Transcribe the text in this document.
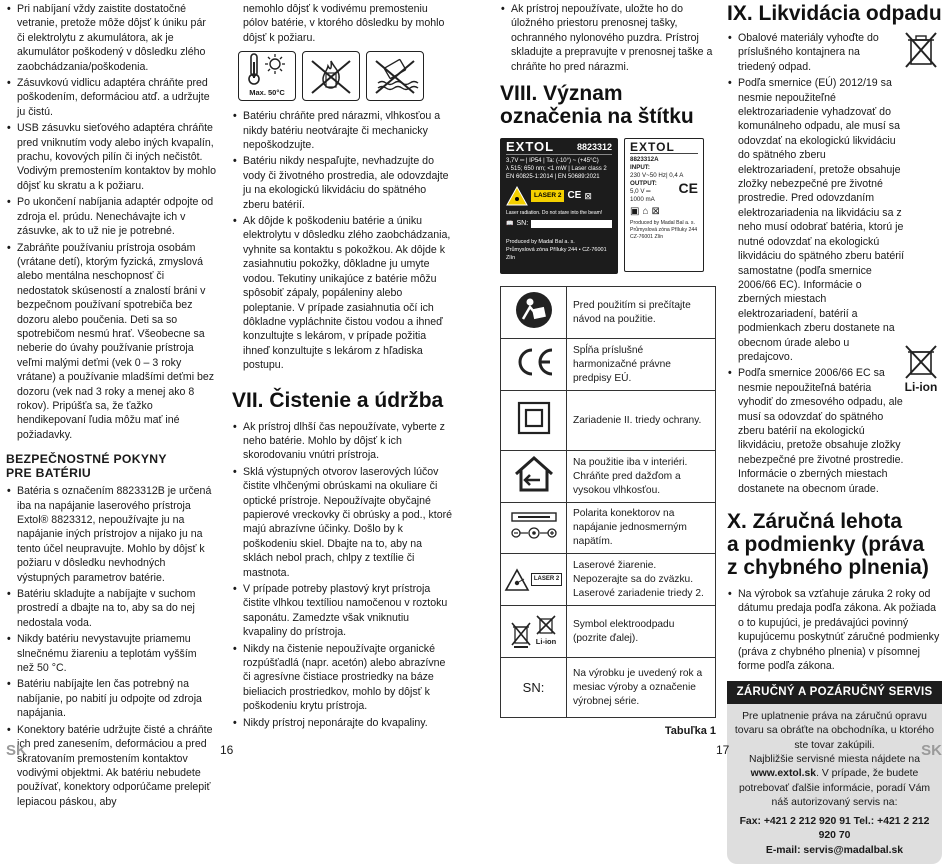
• Pri nabíjaní vždy zaistite dostatočné vetranie, pretože môže dôjsť k úniku pár či elektrolytu z akumulátora, ak je akumulátor poškodený v dôsledku zlého zaobchádzania/poškodenia.
• Zásuvkovú vidlicu adaptéra chráňte pred poškodením, deformáciou atď. a udržujte ju čistú.
• USB zásuvku sieťového adaptéra chráňte pred vniknutím vody alebo iných kvapalín, prachu, kovových pilín či iných nečistôt. Vodivým premostením kontaktov by mohlo dôjsť ku skratu a k požiaru.
• Po ukončení nabíjania adaptér odpojte od zdroja el. prúdu. Nenechávajte ich v zásuvke, ak to už nie je potrebné.
• Zabráňte používaniu prístroja osobám (vrátane detí), ktorým fyzická, zmyslová alebo mentálna neschopnosť či nedostatok skúseností a znalostí bráni v bezpečnom používaní spotrebiča bez dozoru alebo poučenia. Deti sa so spotrebičom nesmú hrať. Všeobecne sa neberie do úvahy používanie prístroja veľmi malými deťmi (vek 0 – 3 roky vrátane) a používanie mladšími deťmi bez dozoru (vek nad 3 roky a menej ako 8 rokov). Pripúšťa sa, že ťažko hendikepovaní ľudia môžu mať iné požiadavky.
BEZPEČNOSTNÉ POKYNY
PRE BATÉRIU
• Batéria s označením 8823312B je určená iba na napájanie laserového prístroja Extol® 8823312, nepoužívajte ju na napájanie iných prístrojov a nijako ju na tento účel neupravujte. Mohlo by dôjsť k požiaru v dôsledku nevhodných výstupných parametrov batérie.
• Batériu skladujte a nabíjajte v suchom prostredí a dbajte na to, aby sa do nej nedostala voda.
• Nikdy batériu nevystavujte priamemu slnečnému žiareniu a teplotám vyšším než 50 °C.
• Batériu nabíjajte len čas potrebný na nabíjanie, po nabití ju odpojte od zdroja napájania.
• Konektory batérie udržujte čisté a chráňte ich pred zanesením, deformáciou a pred skratovaním premostením kontaktov vodivými objektmi. Ak batériu nebudete používať, konektory odporúčame prelepiť lepiacou páskou, aby

nemohlo dôjsť k vodivému premosteniu pólov batérie, v ktorého dôsledku by mohlo dôjsť k požiaru.

Max. 50°C
• Batériu chráňte pred nárazmi, vlhkosťou a nikdy batériu neotvárajte či mechanicky nepoškodzujte.
• Batériu nikdy nespaľujte, nevhadzujte do vody či životného prostredia, ale odovzdajte ju na ekologickú likvidáciu do spätného zberu batérií.
• Ak dôjde k poškodeniu batérie a úniku elektrolytu v dôsledku zlého zaobchádzania, vyhnite sa kontaktu s pokožkou. Ak dôjde k zasiahnutiu pokožky, dôkladne ju umyte vodou. Tekutiny unikajúce z batérie môžu spôsobiť zápaly, popáleniny alebo poleptanie. V prípade zasiahnutia očí ich dôkladne vypláchnite čistou vodou a ihneď konzultujte s lekárom, v prípade požitia ihneď konzultujte s lekárom z hľadiska postupu.
VII. Čistenie a údržba
• Ak prístroj dlhší čas nepoužívate, vyberte z neho batérie. Mohlo by dôjsť k ich skorodovaniu vnútri prístroja.
• Sklá výstupných otvorov laserových lúčov čistite vlhčenými obrúskami na okuliare či optické prístroje. Nepoužívajte obyčajné papierové vreckovky či obrúsky a pod., ktoré majú abrazívne účinky. Došlo by k poškodeniu skiel. Dbajte na to, aby na sklách nebol prach, chlpy z textílie či mastnota.
• V prípade potreby plastový kryt prístroja čistite vlhkou textíliou namočenou v roztoku saponátu. Zamedzte však vniknutiu kvapaliny do prístroja.
• Nikdy na čistenie nepoužívajte organické rozpúšťadlá (napr. acetón) alebo abrazívne či agresívne čistiace prostriedky na báze bieliacich prostriedkov, mohlo by dôjsť k poškodeniu krytu prístroja.
• Nikdy prístroj neponárajte do kvapaliny.
• Ak prístroj nepoužívate, uložte ho do úložného priestoru prenosnej tašky, ochranného nylonového puzdra. Prístroj skladujte a prepravujte v prenosnej taške a chráňte ho pred nárazmi.
VIII. Význam
označenia na štítku
EXTOL	8823312
3,7V ═ | IP54 | Ta: (-10°) ~ (+45°C)
λ 515; 650 nm; <1 mW | Laser class 2
EN 60825-1:2014 | EN 50689:2021
LASER 2 CE ⊠
Laser radiation. Do not stare into the beam!
📖 SN:
Produced by Madal Bal a. s.
Průmyslová zóna Příluky 244 • CZ-76001 Zlín
EXTOL
8823312A
INPUT:
230 V~50 Hz| 0,4 A
OUTPUT:
5,0 V ═
1000 mA
CE
▣ ⌂ ⊠
Produced by Madal Bal a. s.
Průmyslová zóna Příluky 244
CZ-76001 Zlín
	Pred použitím si prečítajte návod na použitie.
	Spĺňa príslušné harmonizačné právne predpisy EÚ.
	Zariadenie II. triedy ochrany.
	Na použitie iba v interiéri. Chráňte pred dažďom a vysokou vlhkosťou.
	Polarita konektorov na napájanie jednosmerným napätím.

LASER 2	Laserové žiarenie. Nepozerajte sa do zväzku. Laserové zariadenie triedy 2.

Li-ion	Symbol elektroodpadu (pozrite ďalej).
SN:	Na výrobku je uvedený rok a mesiac výroby a označenie výrobnej série.
Tabuľka 1
IX. Likvidácia odpadu
• Obalové materiály vyhoďte do príslušného kontajnera na triedený odpad.
• Podľa smernice (EÚ) 2012/19 sa nesmie nepoužiteľné elektrozariadenie vyhadzovať do komunálneho odpadu, ale musí sa odovzdať na ekologickú likvidáciu do spätného zberu elektrozariadení, pretože obsahuje zložky nebezpečné pre životné prostredie. Pred odovzdaním elektrozariadenia na likvidáciu sa z neho musí odobrať batéria, ktorú je nutné odovzdať na ekologickú likvidáciu do spätného zberu batérií samostatne (podľa smernice 2006/66 EC). Informácie o zberných miestach elektrozariadení, batérií a podmienkach zberu dostanete na obecnom úrade alebo u predajcovo.
• Podľa smernice 2006/66 EC sa nesmie nepoužiteľná batéria vyhodiť do zmesového odpadu, ale musí sa odovzdať do spätného zberu batérií na ekologickú likvidáciu, pretože obsahuje zložky nebezpečné pre životné prostredie. Informácie o zberných miestach dostanete na obecnom úrade.
Li-ion
X. Záručná lehota
a podmienky (práva
z chybného plnenia)
• Na výrobok sa vzťahuje záruka 2 roky od dátumu predaja podľa zákona. Ak požiada o to kupujúci, je predávajúci povinný kupujúcemu poskytnúť záručné podmienky (práva z chybného plnenia) v písomnej forme podľa zákona.
ZÁRUČNÝ A POZÁRUČNÝ SERVIS
Pre uplatnenie práva na záručnú opravu tovaru sa obráťte na obchodníka, u ktorého ste tovar zakúpili.
Najbližšie servisné miesta nájdete na www.extol.sk. V prípade, že budete potrebovať ďalšie informácie, poradí Vám náš autorizovaný servis na:
Fax: +421 2 212 920 91 Tel.: +421 2 212 920 70
E-mail: servis@madalbal.sk
SK	16	17	SK
